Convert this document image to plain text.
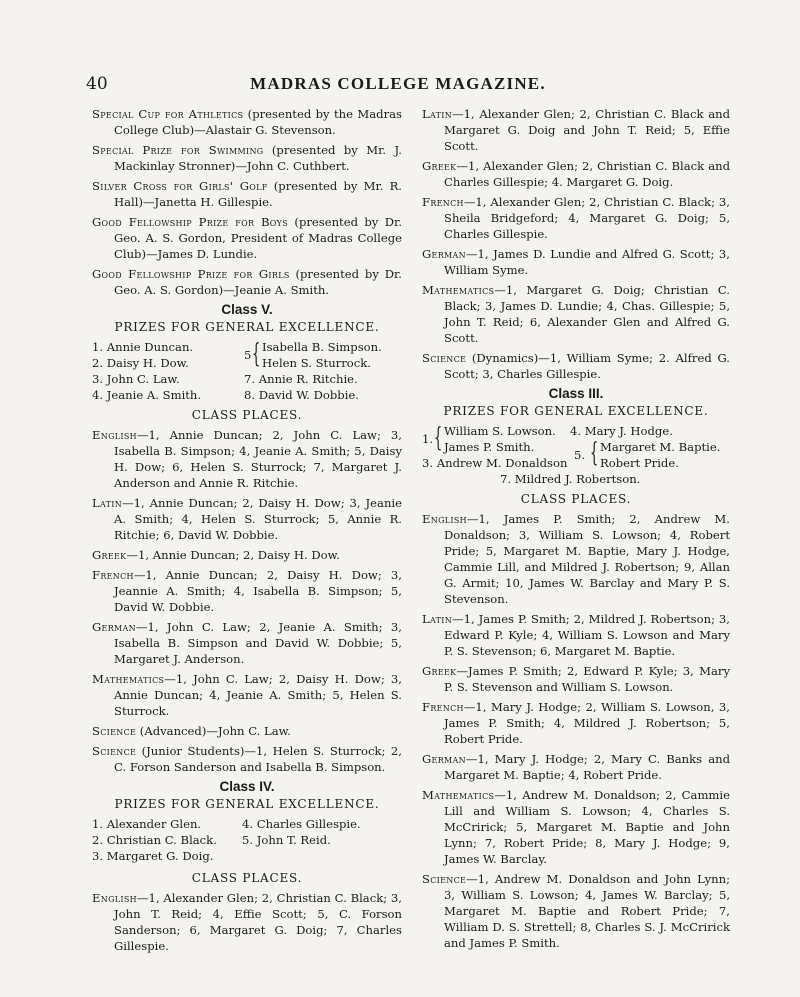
40	MADRAS COLLEGE MAGAZINE.

Special Cup for Athletics (presented by the Madras College Club)—Alastair G. Stevenson.

Special Prize for Swimming (presented by Mr. J. Mackinlay Stronner)—John C. Cuthbert.

Silver Cross for Girls' Golf (presented by Mr. R. Hall)—Janetta H. Gillespie.

Good Fellowship Prize for Boys (presented by Dr. Geo. A. S. Gordon, President of Madras College Club)—James D. Lundie.

Good Fellowship Prize for Girls (presented by Dr. Geo. A. S. Gordon)—Jeanie A. Smith.

Class V.
PRIZES FOR GENERAL EXCELLENCE.
1. Annie Duncan.
2. Daisy H. Dow.
3. John C. Law.
4. Jeanie A. Smith.
5 { Isabella B. Simpson.
Helen S. Sturrock.
7. Annie R. Ritchie.
8. David W. Dobbie.
CLASS PLACES.

English—1, Annie Duncan; 2, John C. Law; 3, Isabella B. Simpson; 4, Jeanie A. Smith; 5, Daisy H. Dow; 6, Helen S. Sturrock; 7, Margaret J. Anderson and Annie R. Ritchie.

Latin—1, Annie Duncan; 2, Daisy H. Dow; 3, Jeanie A. Smith; 4, Helen S. Sturrock; 5, Annie R. Ritchie; 6, David W. Dobbie.

Greek—1, Annie Duncan; 2, Daisy H. Dow.

French—1, Annie Duncan; 2, Daisy H. Dow; 3, Jeannie A. Smith; 4, Isabella B. Simpson; 5, David W. Dobbie.

German—1, John C. Law; 2, Jeanie A. Smith; 3, Isabella B. Simpson and David W. Dobbie; 5, Margaret J. Anderson.

Mathematics—1, John C. Law; 2, Daisy H. Dow; 3, Annie Duncan; 4, Jeanie A. Smith; 5, Helen S. Sturrock.

Science (Advanced)—John C. Law.

Science (Junior Students)—1, Helen S. Sturrock; 2, C. Forson Sanderson and Isabella B. Simpson.

Class IV.
PRIZES FOR GENERAL EXCELLENCE.
1. Alexander Glen.	4. Charles Gillespie.
2. Christian C. Black.	5. John T. Reid.
3. Margaret G. Doig.
CLASS PLACES.

English—1, Alexander Glen; 2, Christian C. Black; 3, John T. Reid; 4, Effie Scott; 5, C. Forson Sanderson; 6, Margaret G. Doig; 7, Charles Gillespie.

Latin—1, Alexander Glen; 2, Christian C. Black and Margaret G. Doig and John T. Reid; 5, Effie Scott.

Greek—1, Alexander Glen; 2, Christian C. Black and Charles Gillespie; 4. Margaret G. Doig.

French—1, Alexander Glen; 2, Christian C. Black; 3, Sheila Bridgeford; 4, Margaret G. Doig; 5, Charles Gillespie.

German—1, James D. Lundie and Alfred G. Scott; 3, William Syme.

Mathematics—1, Margaret G. Doig; Christian C. Black; 3, James D. Lundie; 4, Chas. Gillespie; 5, John T. Reid; 6, Alexander Glen and Alfred G. Scott.

Science (Dynamics)—1, William Syme; 2. Alfred G. Scott; 3, Charles Gillespie.

Class III.
PRIZES FOR GENERAL EXCELLENCE.
1. { William S. Lowson.
James P. Smith.
3. Andrew M. Donaldson
4. Mary J. Hodge.
5. { Margaret M. Baptie.
Robert Pride.
7. Mildred J. Robertson.
CLASS PLACES.

English—1, James P. Smith; 2, Andrew M. Donaldson; 3, William S. Lowson; 4, Robert Pride; 5, Margaret M. Baptie, Mary J. Hodge, Cammie Lill, and Mildred J. Robertson; 9, Allan G. Armit; 10, James W. Barclay and Mary P. S. Stevenson.

Latin—1, James P. Smith; 2, Mildred J. Robertson; 3, Edward P. Kyle; 4, William S. Lowson and Mary P. S. Stevenson; 6, Margaret M. Baptie.

Greek—James P. Smith; 2, Edward P. Kyle; 3, Mary P. S. Stevenson and William S. Lowson.

French—1, Mary J. Hodge; 2, William S. Lowson, 3, James P. Smith; 4, Mildred J. Robertson; 5, Robert Pride.

German—1, Mary J. Hodge; 2, Mary C. Banks and Margaret M. Baptie; 4, Robert Pride.

Mathematics—1, Andrew M. Donaldson; 2, Cammie Lill and William S. Lowson; 4, Charles S. McCririck; 5, Margaret M. Baptie and John Lynn; 7, Robert Pride; 8, Mary J. Hodge; 9, James W. Barclay.

Science—1, Andrew M. Donaldson and John Lynn; 3, William S. Lowson; 4, James W. Barclay; 5, Margaret M. Baptie and Robert Pride; 7, William D. S. Strettell; 8, Charles S. J. McCririck and James P. Smith.
